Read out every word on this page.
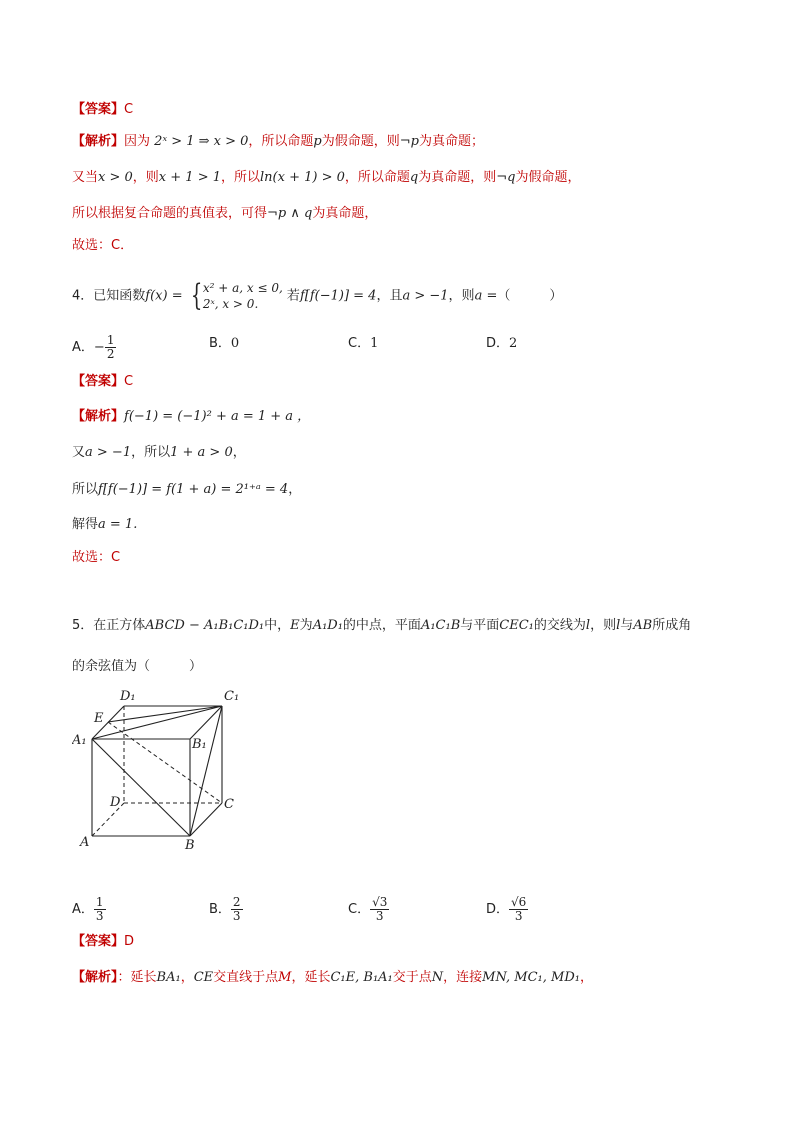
【答案】C
【解析】因为 2ˣ > 1 ⇒ x > 0，所以命题p为假命题，则¬p为真命题；
又当x > 0，则x + 1 > 1，所以ln(x + 1) > 0，所以命题q为真命题，则¬q为假命题，
所以根据复合命题的真值表，可得¬p ∧ q为真命题，
故选：C．
4．已知函数f(x) = { x² + a, x ≤ 0,
2ˣ, x > 0.
若f[f(−1)] = 4，且a > −1，则a =（　　　）
A．− $\frac{1}{2}$	B．0	C．1	D．2
【答案】C
【解析】f(−1) = (−1)² + a = 1 + a ，
又a > −1，所以1 + a > 0，
所以f[f(−1)] = f(1 + a) = 2¹⁺ᵃ = 4，
解得a = 1.
故选：C
5．在正方体ABCD − A₁B₁C₁D₁中，E为A₁D₁的中点，平面A₁C₁B与平面CEC₁的交线为l，则l与AB所成角
的余弦值为（　　　）
D₁	C₁
E
A₁	B₁
D	C
A	B
A． $\frac{1}{3}$	B． $\frac{2}{3}$	C． $\frac{√3}{3}$	D． $\frac{√6}{3}$
【答案】D
【解析】：延长BA₁，CE交直线于点M，延长C₁E, B₁A₁交于点N，连接MN, MC₁, MD₁，
